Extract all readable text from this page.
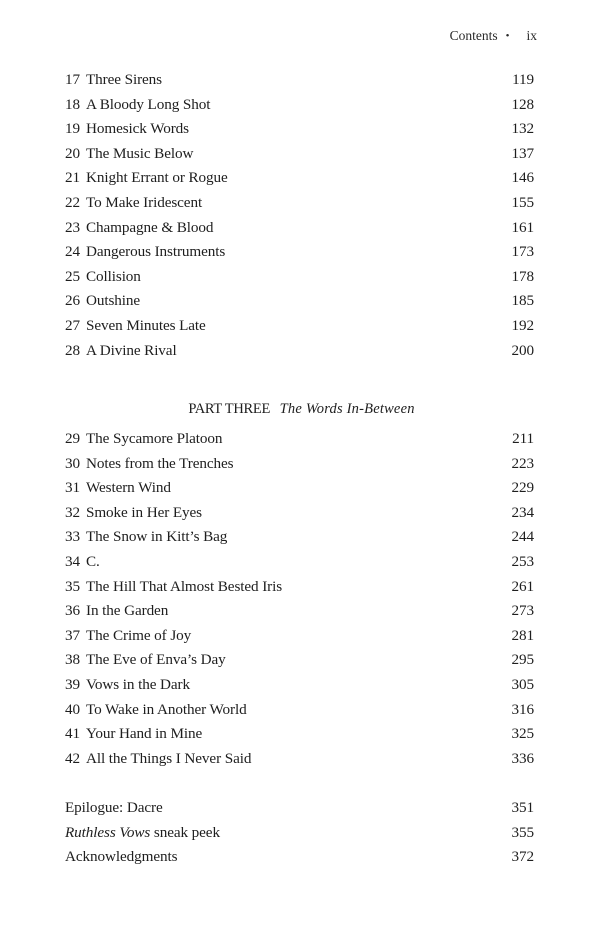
Contents • ix
17 Three Sirens	119
18 A Bloody Long Shot	128
19 Homesick Words	132
20 The Music Below	137
21 Knight Errant or Rogue	146
22 To Make Iridescent	155
23 Champagne & Blood	161
24 Dangerous Instruments	173
25 Collision	178
26 Outshine	185
27 Seven Minutes Late	192
28 A Divine Rival	200
PART THREE The Words In-Between
29 The Sycamore Platoon	211
30 Notes from the Trenches	223
31 Western Wind	229
32 Smoke in Her Eyes	234
33 The Snow in Kitt’s Bag	244
34 C.	253
35 The Hill That Almost Bested Iris	261
36 In the Garden	273
37 The Crime of Joy	281
38 The Eve of Enva’s Day	295
39 Vows in the Dark	305
40 To Wake in Another World	316
41 Your Hand in Mine	325
42 All the Things I Never Said	336
Epilogue: Dacre	351
Ruthless Vows sneak peek	355
Acknowledgments	372
